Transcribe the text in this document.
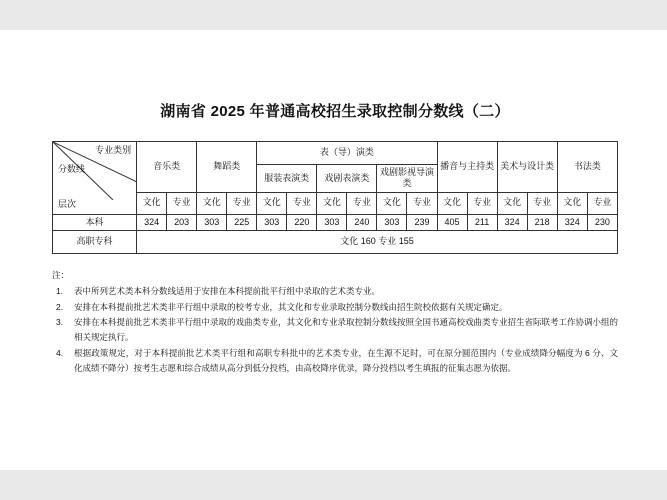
湖南省 2025 年普通高校招生录取控制分数线（二）
专业类别
分数线
层次	音乐类		舞蹈类		表（导）演类						播音与主持类		美术与设计类		书法类	
					服装表演类		戏剧表演类		戏剧影视导演类							
	文化	专业	文化	专业	文化	专业	文化	专业	文化	专业	文化	专业	文化	专业	文化	专业
本科	324	203	303	225	303	220	303	240	303	239	405	211	324	218	324	230
高职专科	文化 160 专业 155															
注：
1. 表中所列艺术类本科分数线适用于安排在本科提前批平行组中录取的艺术类专业。
2. 安排在本科提前批艺术类非平行组中录取的校考专业，其文化和专业录取控制分数线由招生院校依据有关规定确定。
3. 安排在本科提前批艺术类非平行组中录取的戏曲类专业，其文化和专业录取控制分数线按照全国书通高校戏曲类专业招生省际联考工作协调小组的相关规定执行。
4. 根据政策规定，对于本科提前批艺术类平行组和高职专科批中的艺术类专业，在生源不足时，可在原分圆范围内（专业成绩降分幅度为 6 分、文化成绩不降分）按考生志愿和综合成绩从高分到低分投档，由高校降序优录，降分投档以考生填报的征集志愿为依据。
